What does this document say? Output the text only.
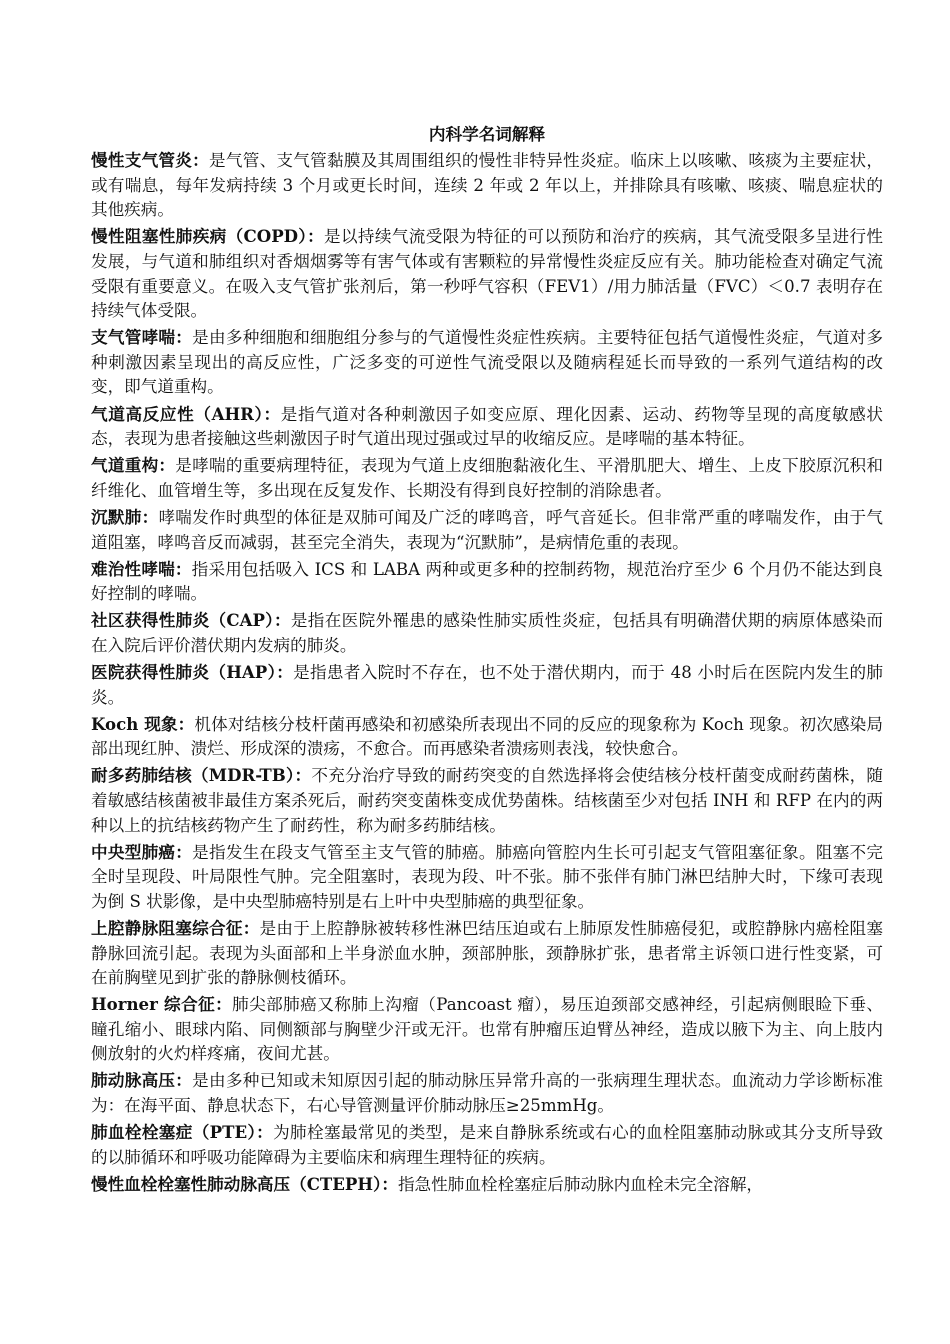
内科学名词解释

慢性支气管炎：是气管、支气管黏膜及其周围组织的慢性非特异性炎症。临床上以咳嗽、咳痰为主要症状，或有喘息，每年发病持续 3 个月或更长时间，连续 2 年或 2 年以上，并排除具有咳嗽、咳痰、喘息症状的其他疾病。

慢性阻塞性肺疾病（COPD）：是以持续气流受限为特征的可以预防和治疗的疾病，其气流受限多呈进行性发展，与气道和肺组织对香烟烟雾等有害气体或有害颗粒的异常慢性炎症反应有关。肺功能检查对确定气流受限有重要意义。在吸入支气管扩张剂后，第一秒呼气容积（FEV1）/用力肺活量（FVC）＜0.7 表明存在持续气体受限。

支气管哮喘：是由多种细胞和细胞组分参与的气道慢性炎症性疾病。主要特征包括气道慢性炎症，气道对多种刺激因素呈现出的高反应性，广泛多变的可逆性气流受限以及随病程延长而导致的一系列气道结构的改变，即气道重构。

气道高反应性（AHR）：是指气道对各种刺激因子如变应原、理化因素、运动、药物等呈现的高度敏感状态，表现为患者接触这些刺激因子时气道出现过强或过早的收缩反应。是哮喘的基本特征。

气道重构：是哮喘的重要病理特征，表现为气道上皮细胞黏液化生、平滑肌肥大、增生、上皮下胶原沉积和纤维化、血管增生等，多出现在反复发作、长期没有得到良好控制的消除患者。

沉默肺：哮喘发作时典型的体征是双肺可闻及广泛的哮鸣音，呼气音延长。但非常严重的哮喘发作，由于气道阻塞，哮鸣音反而减弱，甚至完全消失，表现为“沉默肺”，是病情危重的表现。

难治性哮喘：指采用包括吸入 ICS 和 LABA 两种或更多种的控制药物，规范治疗至少 6 个月仍不能达到良好控制的哮喘。

社区获得性肺炎（CAP）：是指在医院外罹患的感染性肺实质性炎症，包括具有明确潜伏期的病原体感染而在入院后评价潜伏期内发病的肺炎。

医院获得性肺炎（HAP）：是指患者入院时不存在，也不处于潜伏期内，而于 48 小时后在医院内发生的肺炎。

Koch 现象：机体对结核分枝杆菌再感染和初感染所表现出不同的反应的现象称为 Koch 现象。初次感染局部出现红肿、溃烂、形成深的溃疡，不愈合。而再感染者溃疡则表浅，较快愈合。

耐多药肺结核（MDR-TB）：不充分治疗导致的耐药突变的自然选择将会使结核分枝杆菌变成耐药菌株，随着敏感结核菌被非最佳方案杀死后，耐药突变菌株变成优势菌株。结核菌至少对包括 INH 和 RFP 在内的两种以上的抗结核药物产生了耐药性，称为耐多药肺结核。

中央型肺癌：是指发生在段支气管至主支气管的肺癌。肺癌向管腔内生长可引起支气管阻塞征象。阻塞不完全时呈现段、叶局限性气肿。完全阻塞时，表现为段、叶不张。肺不张伴有肺门淋巴结肿大时，下缘可表现为倒 S 状影像，是中央型肺癌特别是右上叶中央型肺癌的典型征象。

上腔静脉阻塞综合征：是由于上腔静脉被转移性淋巴结压迫或右上肺原发性肺癌侵犯，或腔静脉内癌栓阻塞静脉回流引起。表现为头面部和上半身淤血水肿，颈部肿胀，颈静脉扩张，患者常主诉领口进行性变紧，可在前胸壁见到扩张的静脉侧枝循环。

Horner 综合征：肺尖部肺癌又称肺上沟瘤（Pancoast 瘤），易压迫颈部交感神经，引起病侧眼睑下垂、瞳孔缩小、眼球内陷、同侧额部与胸壁少汗或无汗。也常有肿瘤压迫臂丛神经，造成以腋下为主、向上肢内侧放射的火灼样疼痛，夜间尤甚。

肺动脉高压：是由多种已知或未知原因引起的肺动脉压异常升高的一张病理生理状态。血流动力学诊断标准为：在海平面、静息状态下，右心导管测量评价肺动脉压≥25mmHg。

肺血栓栓塞症（PTE）：为肺栓塞最常见的类型，是来自静脉系统或右心的血栓阻塞肺动脉或其分支所导致的以肺循环和呼吸功能障碍为主要临床和病理生理特征的疾病。

慢性血栓栓塞性肺动脉高压（CTEPH）：指急性肺血栓栓塞症后肺动脉内血栓未完全溶解，
